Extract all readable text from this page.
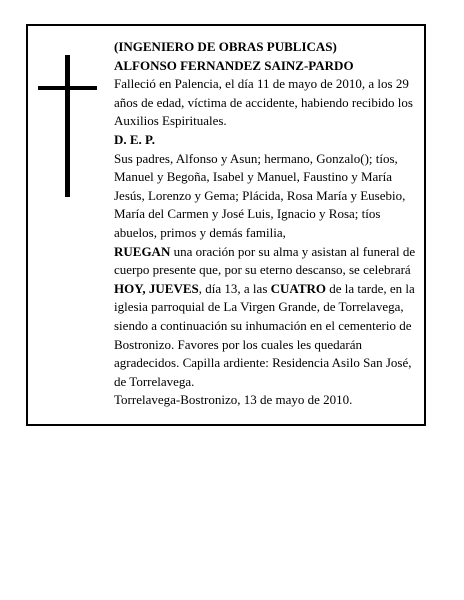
(INGENIERO DE OBRAS PUBLICAS)

ALFONSO FERNANDEZ SAINZ-PARDO

Falleció en Palencia, el día 11 de mayo de 2010, a los 29 años de edad, víctima de accidente, habiendo recibido los Auxilios Espirituales.

D. E. P.

Sus padres, Alfonso y Asun; hermano, Gonzalo(); tíos, Manuel y Begoña, Isabel y Manuel, Faustino y María Jesús, Lorenzo y Gema; Plácida, Rosa María y Eusebio, María del Carmen y José Luis, Ignacio y Rosa; tíos abuelos, primos y demás familia,

RUEGAN una oración por su alma y asistan al funeral de cuerpo presente que, por su eterno descanso, se celebrará HOY, JUEVES, día 13, a las CUATRO de la tarde, en la iglesia parroquial de La Virgen Grande, de Torrelavega, siendo a continuación su inhumación en el cementerio de Bostronizo. Favores por los cuales les quedarán agradecidos. Capilla ardiente: Residencia Asilo San José, de Torrelavega.

Torrelavega-Bostronizo, 13 de mayo de 2010.
